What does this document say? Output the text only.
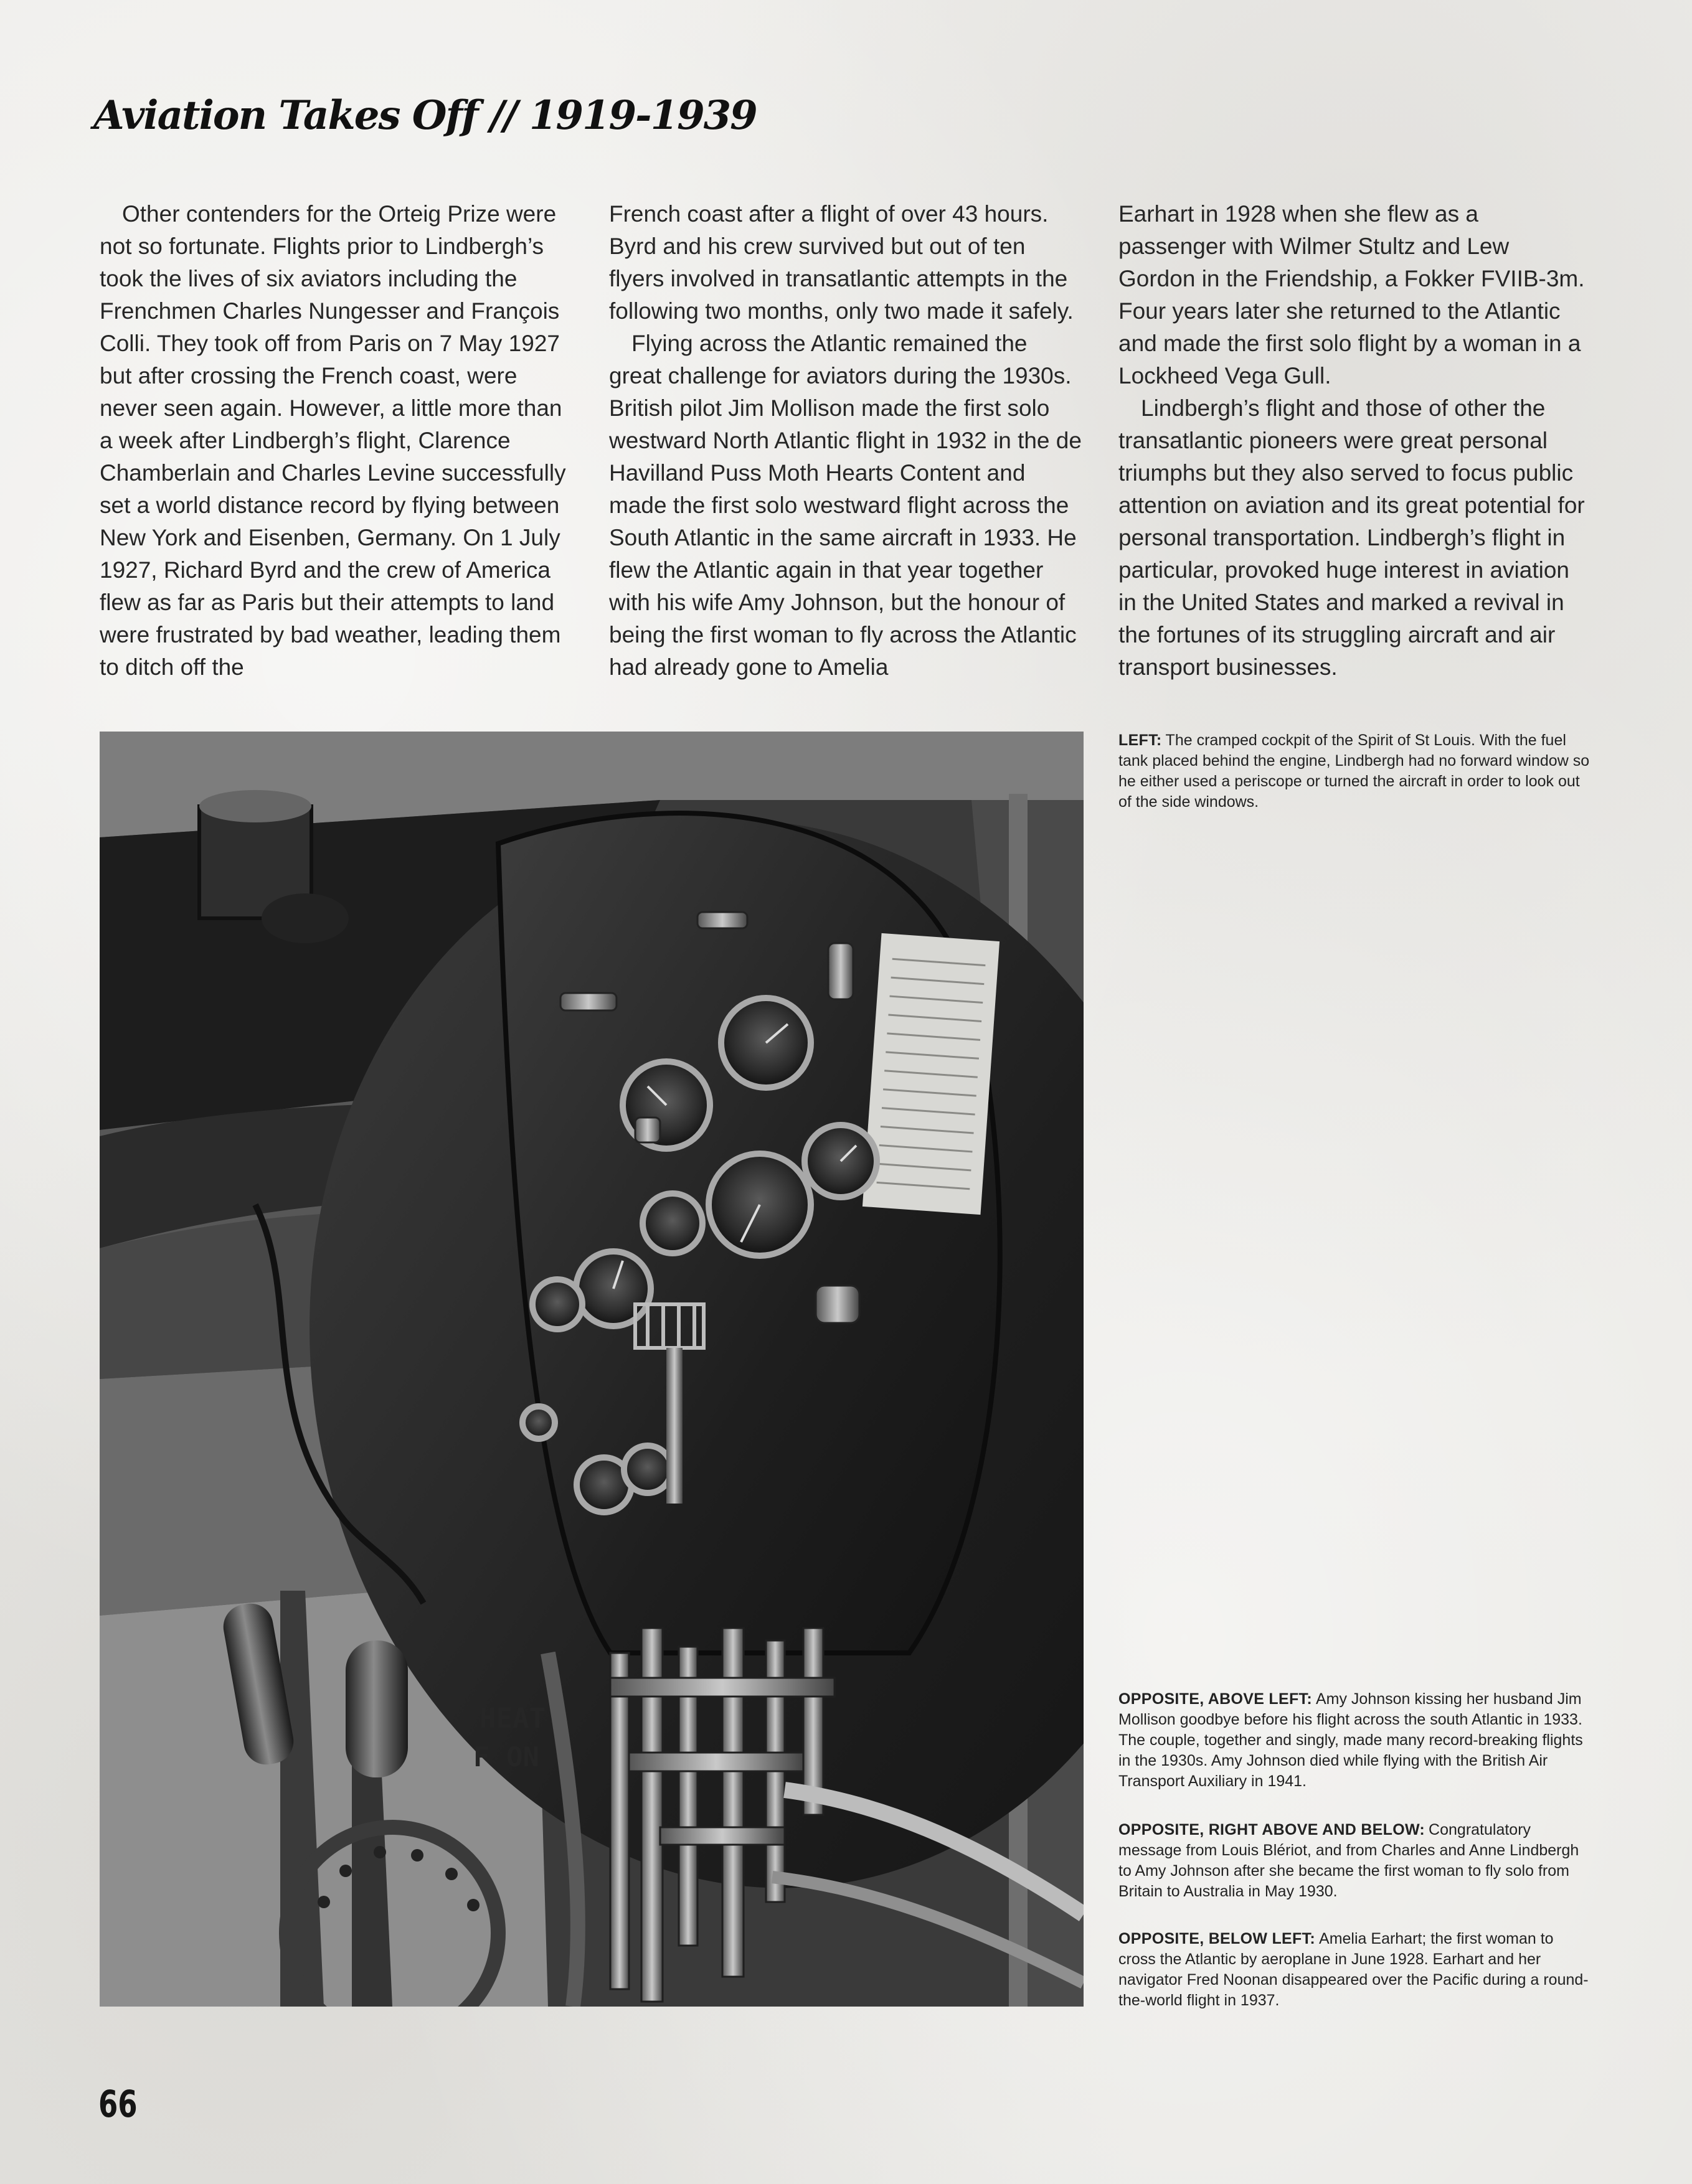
Aviation Takes Off // 1919-1939

Other contenders for the Orteig Prize were not so fortunate. Flights prior to Lindbergh’s took the lives of six aviators including the Frenchmen Charles Nungesser and François Colli. They took off from Paris on 7 May 1927 but after crossing the French coast, were never seen again. However, a little more than a week after Lindbergh’s flight, Clarence Chamberlain and Charles Levine successfully set a world distance record by flying between New York and Eisenben, Germany. On 1 July 1927, Richard Byrd and the crew of America flew as far as Paris but their attempts to land were frustrated by bad weather, leading them to ditch off the

French coast after a flight of over 43 hours. Byrd and his crew survived but out of ten flyers involved in transatlantic attempts in the following two months, only two made it safely.

Flying across the Atlantic remained the great challenge for aviators during the 1930s. British pilot Jim Mollison made the first solo westward North Atlantic flight in 1932 in the de Havilland Puss Moth Hearts Content and made the first solo westward flight across the South Atlantic in the same aircraft in 1933. He flew the Atlantic again in that year together with his wife Amy Johnson, but the honour of being the first woman to fly across the Atlantic had already gone to Amelia

Earhart in 1928 when she flew as a passenger with Wilmer Stultz and Lew Gordon in the Friendship, a Fokker FVIIB-3m. Four years later she returned to the Atlantic and made the first solo flight by a woman in a Lockheed Vega Gull.

Lindbergh’s flight and those of other the transatlantic pioneers were great personal triumphs but they also served to focus public attention on aviation and its great potential for personal transportation. Lindbergh’s flight in particular, provoked huge interest in aviation in the United States and marked a revival in the fortunes of its struggling aircraft and air transport businesses.

HEAT
F ON
LEFT: The cramped cockpit of the Spirit of St Louis. With the fuel tank placed behind the engine, Lindbergh had no forward window so he either used a periscope or turned the aircraft in order to look out of the side windows.
OPPOSITE, ABOVE LEFT: Amy Johnson kissing her husband Jim Mollison goodbye before his flight across the south Atlantic in 1933. The couple, together and singly, made many record-breaking flights in the 1930s. Amy Johnson died while flying with the British Air Transport Auxiliary in 1941.
OPPOSITE, RIGHT ABOVE AND BELOW: Congratulatory message from Louis Blériot, and from Charles and Anne Lindbergh to Amy Johnson after she became the first woman to fly solo from Britain to Australia in May 1930.
OPPOSITE, BELOW LEFT: Amelia Earhart; the first woman to cross the Atlantic by aeroplane in June 1928. Earhart and her navigator Fred Noonan disappeared over the Pacific during a round-the-world flight in 1937.
66
